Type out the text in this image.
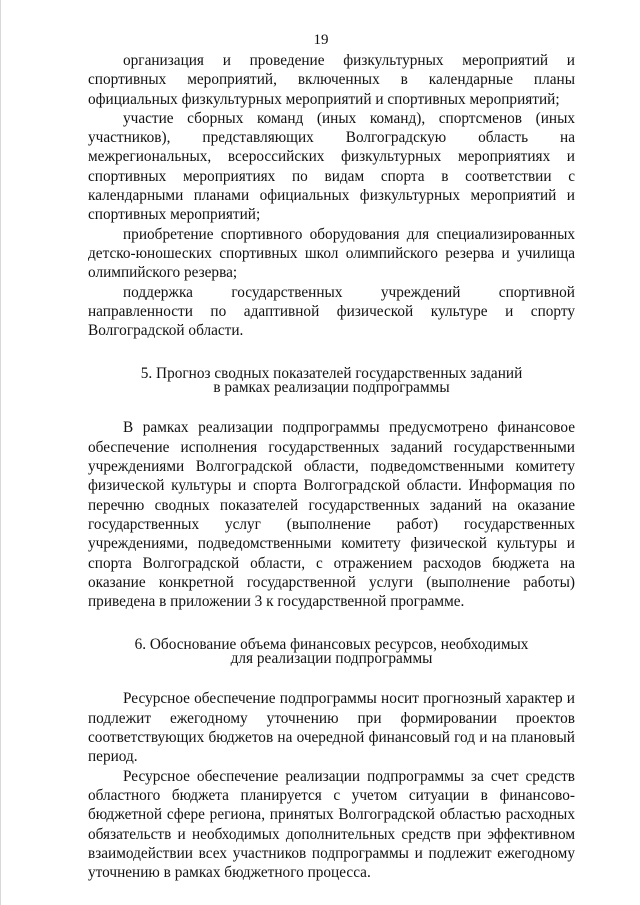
19

организация и проведение физкультурных мероприятий и спортивных мероприятий, включенных в календарные планы официальных физкультурных мероприятий и спортивных мероприятий;

участие сборных команд (иных команд), спортсменов (иных участников), представляющих Волгоградскую область на межрегиональных, всероссийских физкультурных мероприятиях и спортивных мероприятиях по видам спорта в соответствии с календарными планами официальных физкультурных мероприятий и спортивных мероприятий;

приобретение спортивного оборудования для специализированных детско-юношеских спортивных школ олимпийского резерва и училища олимпийского резерва;

поддержка государственных учреждений спортивной направленности по адаптивной физической культуре и спорту Волгоградской области.

5. Прогноз сводных показателей государственных заданий
в рамках реализации подпрограммы

В рамках реализации подпрограммы предусмотрено финансовое обеспечение исполнения государственных заданий государственными учреждениями Волгоградской области, подведомственными комитету физической культуры и спорта Волгоградской области. Информация по перечню сводных показателей государственных заданий на оказание государственных услуг (выполнение работ) государственных учреждениями, подведомственными комитету физической культуры и спорта Волгоградской области, с отражением расходов бюджета на оказание конкретной государственной услуги (выполнение работы) приведена в приложении 3 к государственной программе.

6. Обоснование объема финансовых ресурсов, необходимых
для реализации подпрограммы

Ресурсное обеспечение подпрограммы носит прогнозный характер и подлежит ежегодному уточнению при формировании проектов соответствующих бюджетов на очередной финансовый год и на плановый период.

Ресурсное обеспечение реализации подпрограммы за счет средств областного бюджета планируется с учетом ситуации в финансово-бюджетной сфере региона, принятых Волгоградской областью расходных обязательств и необходимых дополнительных средств при эффективном взаимодействии всех участников подпрограммы и подлежит ежегодному уточнению в рамках бюджетного процесса.
